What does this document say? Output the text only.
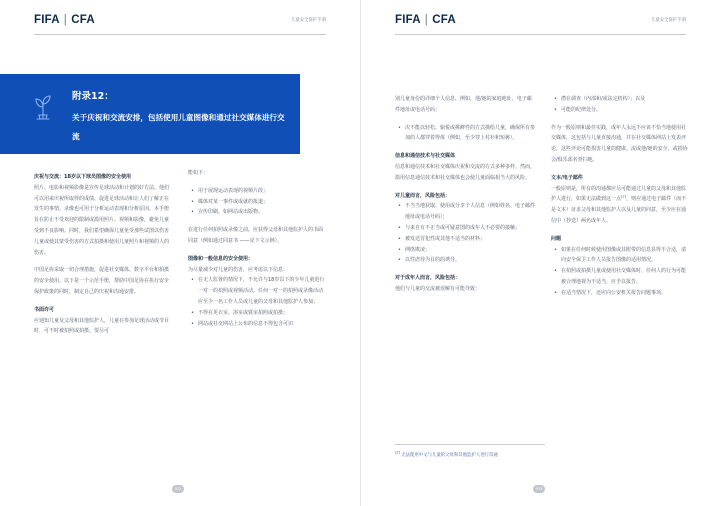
FIFA | CFA	儿童安全保护手册
附录12：
关于庆祝和交流安排，包括使用儿童图像和通过社交媒体进行交流

庆祝与交流：18岁以下球员图像的安全使用

照片、电影和视频影像是宣传足球活动和计划的好方法。他们可以用来庆祝所取得的成绩、促进足球活动和让人们了解正在发生的事情。录像也可用于分析运动表现和分析原因。本手册旨在防止不受欢迎的限制或滥用照片、视频和影像，避免儿童受到不良影响。同时，我们希望确保儿童免受那些试图以伤害儿童或使其蒙受伤害的方式拍摄和使用儿童照片和视频的人的伤害。

中国足协采取一切合理措施，促进社交媒体、数字平台和拍摄的安全使用。以下是一个示范手册，帮助中国足协在执行安全保护政策的同时，制定自己的庆祝和沟通安排。

书面许可

应通知儿童及父母和其他监护人，儿童在参加足球活动或节目时，可不时被拍照或拍摄。要尽可

能如下：

• 用于展现运动表现的视频片段；

• 媒体对某一事件或成就的报道；

• 宣传印刷、如网站或出版物。

在进行任何拍照或录像之前，应获得父母和其他监护人的书面同意（例如通过同意书 ——见下文示例）。

图像和一般信息的安全使用：

为尽量减少对儿童的伤害，应考虑以下信息：

• 在无人监督的情况下，不允许与18岁以下的少年儿童进行一对一的拍照或视频活动。任何一对一的拍照或录像活动应至少一名工作人员或儿童的父母和其他监护人参加；

• 不得在更衣室、浴室或寝室拍照或拍摄；

• 网站或社交网站上公布的信息不得包含可识

072
FIFA | CFA	儿童安全保护手册

别儿童身份的详细个人信息，例如，他/她的家庭地址、电子邮件地址或电话号码；

• 决不能以轻松、愉悦或挑衅性的方式描绘儿童，确保所有参加的人都穿着得体（例如，至少穿上衬衫和短裤）。

信息和通信技术与社交媒体

信息和通信技术和社交媒体庆祝和交流的方式多种多样。然而，滥用信息通信技术和社交媒体也会使儿童面临相当大的风险。

对儿童而言，风险包括：

• 不当当地获取、使用或分享个人信息（例如姓名、电子邮件地址或电话号码）；

• 与来自有不正当或可疑意图的成年人不必要的接触；

• 被发送冒犯性或其他不适当的材料；

• 网络欺凌；

• 以性虐待为目的的诱导。

对于成年人而言，风险包括：

他们与儿童的交流被误解有可能导致：

• 潜在调查（内部和/或法定机构）；以及

• 可能的纪律处分。

作为一般原则和最佳实践，成年人永远不应该不恰当地使用社交媒体，这包括与儿童直接沟通，并在社交媒体网站上发表评论，这些评论可能损害儿童的健康、流或他/她的安全、或损协会/俱乐部名誉扫地。

文本/电子邮件

一般原则是，所有的沟通都应尽可能通过儿童的父母和其他监护人进行，如果无法做到这一点[2]，则应通过电子邮件（而不是文本）征求父母和其他监护人以及儿童的同意，至少应在通信中（抄送）两名成年人。

问题

• 如果在任何时候使用图像或其附带的信息显得不合适，请向安全保卫工作人员报告图像的适用情况。

• 在拍照或拍摄儿童或使用社交媒体时，任何人的行为可能被合理地视为不适当，应予以报告。

• 在适当情况下，还应向公安机关报告问题事项。

[2] 无法使用中文与儿童的父母和其他监护人进行沟通
073
